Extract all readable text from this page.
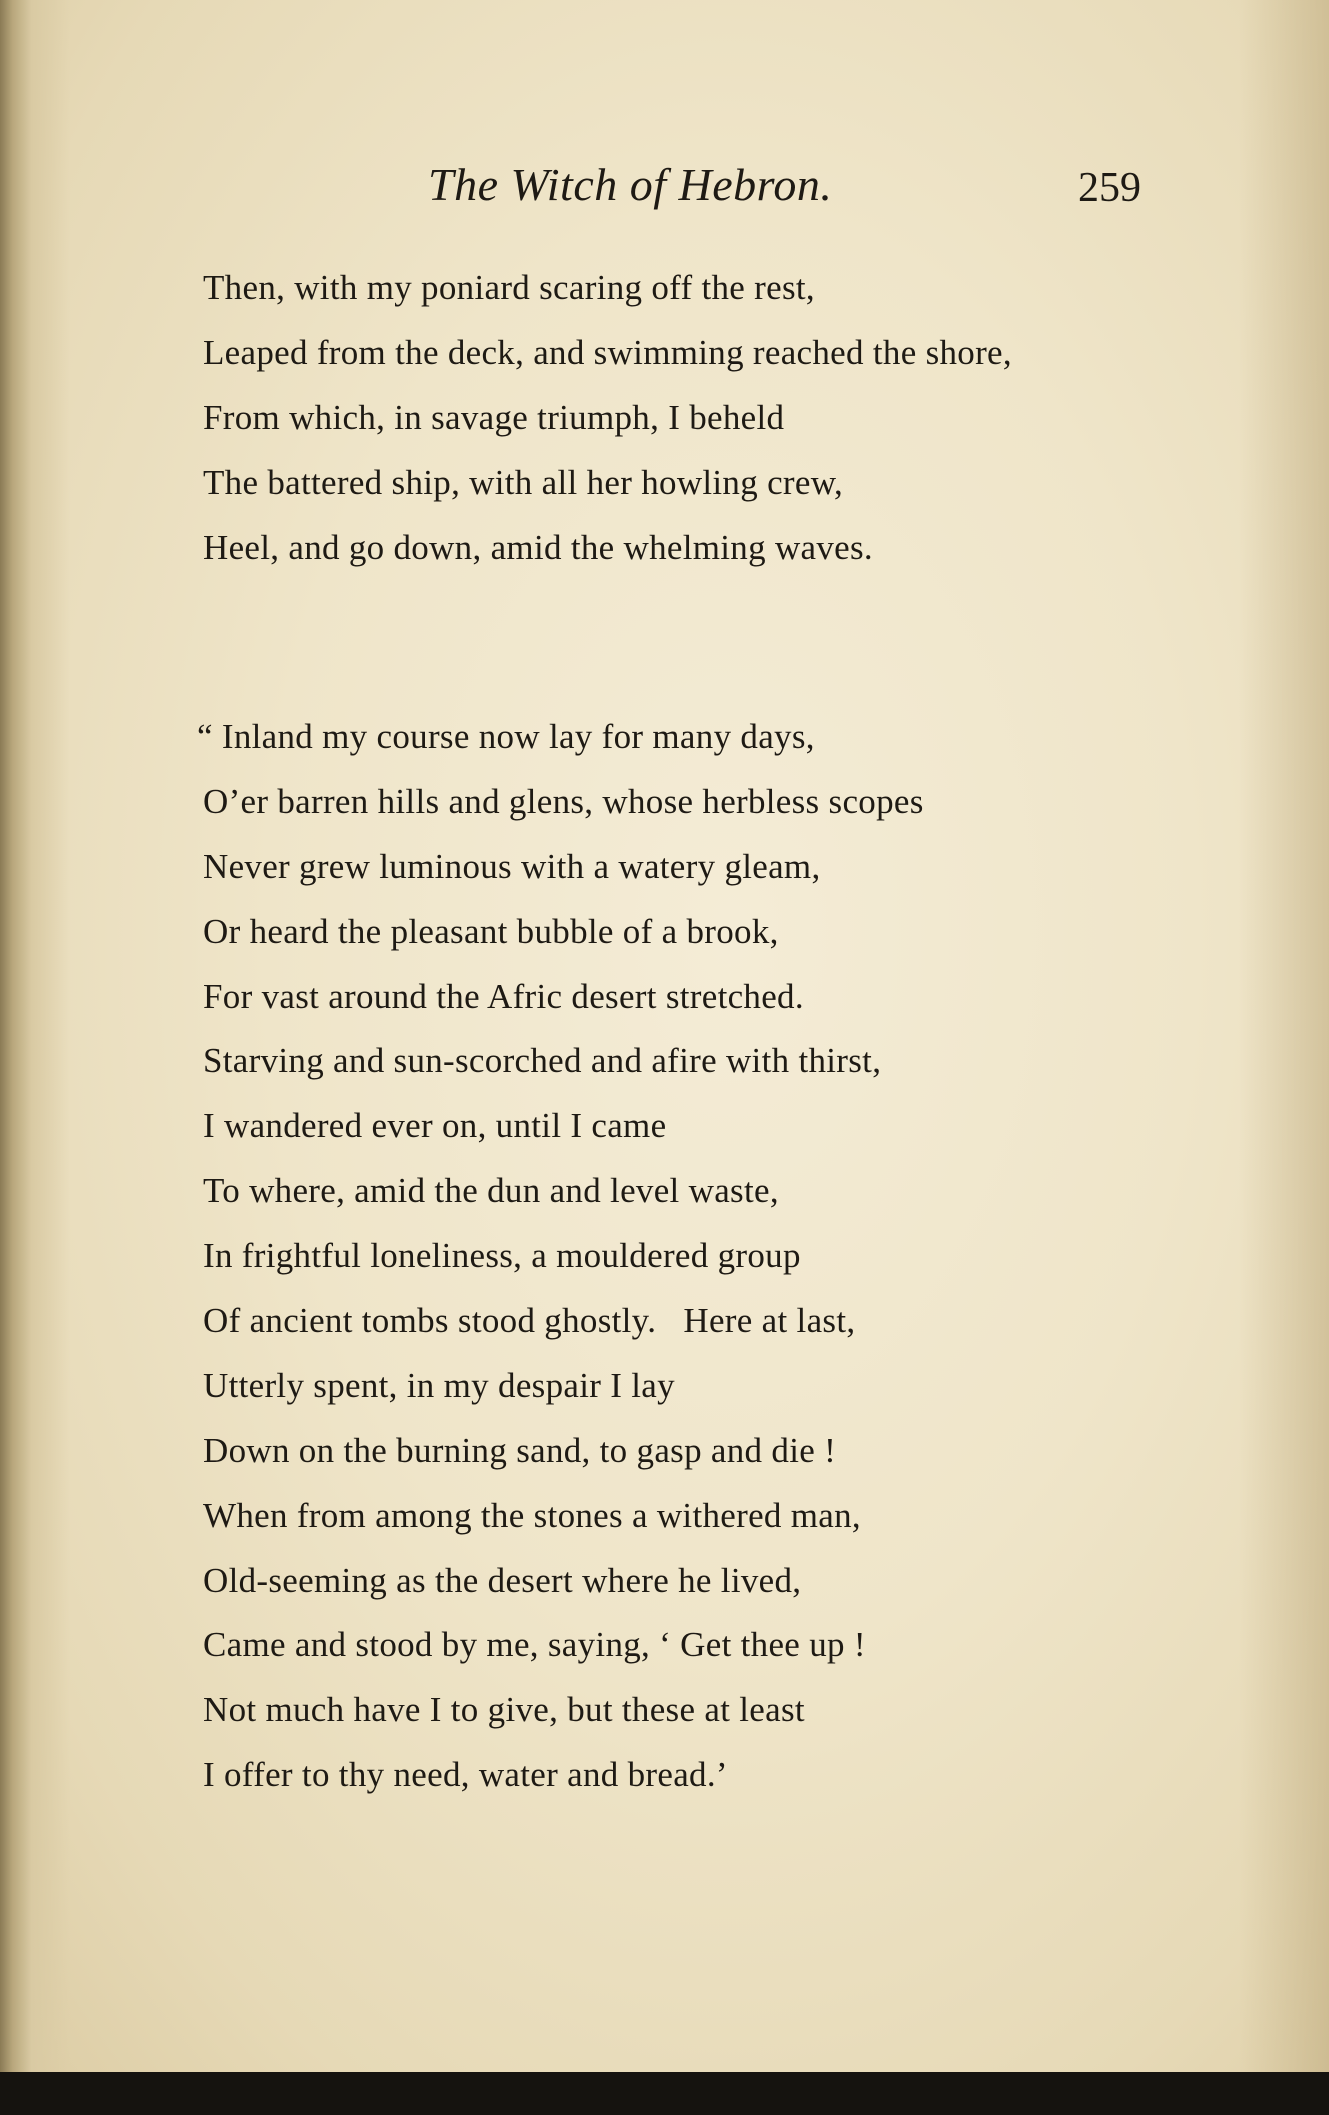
The Witch of Hebron.	259
Then, with my poniard scaring off the rest,
Leaped from the deck, and swimming reached the shore,
From which, in savage triumph, I beheld
The battered ship, with all her howling crew,
Heel, and go down, amid the whelming waves.
“ Inland my course now lay for many days,
O’er barren hills and glens, whose herbless scopes
Never grew luminous with a watery gleam,
Or heard the pleasant bubble of a brook,
For vast around the Afric desert stretched.
Starving and sun-scorched and afire with thirst,
I wandered ever on, until I came
To where, amid the dun and level waste,
In frightful loneliness, a mouldered group
Of ancient tombs stood ghostly.   Here at last,
Utterly spent, in my despair I lay
Down on the burning sand, to gasp and die !
When from among the stones a withered man,
Old-seeming as the desert where he lived,
Came and stood by me, saying, ‘ Get thee up !
Not much have I to give, but these at least
I offer to thy need, water and bread.’
